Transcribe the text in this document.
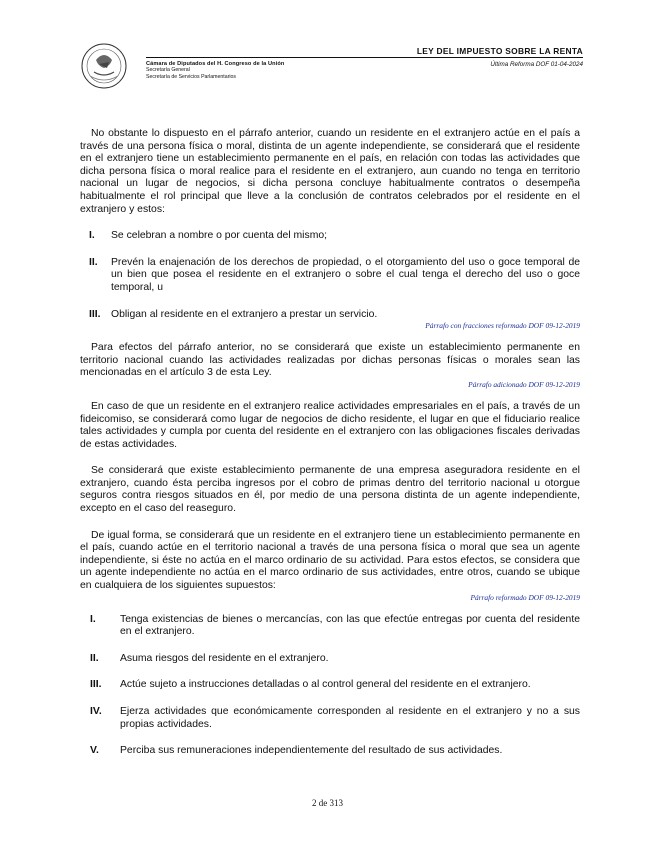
LEY DEL IMPUESTO SOBRE LA RENTA
Última Reforma DOF 01-04-2024
Cámara de Diputados del H. Congreso de la Unión
Secretaría General
Secretaría de Servicios Parlamentarios

No obstante lo dispuesto en el párrafo anterior, cuando un residente en el extranjero actúe en el país a través de una persona física o moral, distinta de un agente independiente, se considerará que el residente en el extranjero tiene un establecimiento permanente en el país, en relación con todas las actividades que dicha persona física o moral realice para el residente en el extranjero, aun cuando no tenga en territorio nacional un lugar de negocios, si dicha persona concluye habitualmente contratos o desempeña habitualmente el rol principal que lleve a la conclusión de contratos celebrados por el residente en el extranjero y estos:

I.	Se celebran a nombre o por cuenta del mismo;
II.	Prevén la enajenación de los derechos de propiedad, o el otorgamiento del uso o goce temporal de un bien que posea el residente en el extranjero o sobre el cual tenga el derecho del uso o goce temporal, u
III.	Obligan al residente en el extranjero a prestar un servicio.

Párrafo con fracciones reformado DOF 09-12-2019

Para efectos del párrafo anterior, no se considerará que existe un establecimiento permanente en territorio nacional cuando las actividades realizadas por dichas personas físicas o morales sean las mencionadas en el artículo 3 de esta Ley.

Párrafo adicionado DOF 09-12-2019

En caso de que un residente en el extranjero realice actividades empresariales en el país, a través de un fideicomiso, se considerará como lugar de negocios de dicho residente, el lugar en que el fiduciario realice tales actividades y cumpla por cuenta del residente en el extranjero con las obligaciones fiscales derivadas de estas actividades.

Se considerará que existe establecimiento permanente de una empresa aseguradora residente en el extranjero, cuando ésta perciba ingresos por el cobro de primas dentro del territorio nacional u otorgue seguros contra riesgos situados en él, por medio de una persona distinta de un agente independiente, excepto en el caso del reaseguro.

De igual forma, se considerará que un residente en el extranjero tiene un establecimiento permanente en el país, cuando actúe en el territorio nacional a través de una persona física o moral que sea un agente independiente, si éste no actúa en el marco ordinario de su actividad. Para estos efectos, se considera que un agente independiente no actúa en el marco ordinario de sus actividades, entre otros, cuando se ubique en cualquiera de los siguientes supuestos:

Párrafo reformado DOF 09-12-2019

I.	Tenga existencias de bienes o mercancías, con las que efectúe entregas por cuenta del residente en el extranjero.
II.	Asuma riesgos del residente en el extranjero.
III.	Actúe sujeto a instrucciones detalladas o al control general del residente en el extranjero.
IV.	Ejerza actividades que económicamente corresponden al residente en el extranjero y no a sus propias actividades.
V.	Perciba sus remuneraciones independientemente del resultado de sus actividades.
2 de 313
